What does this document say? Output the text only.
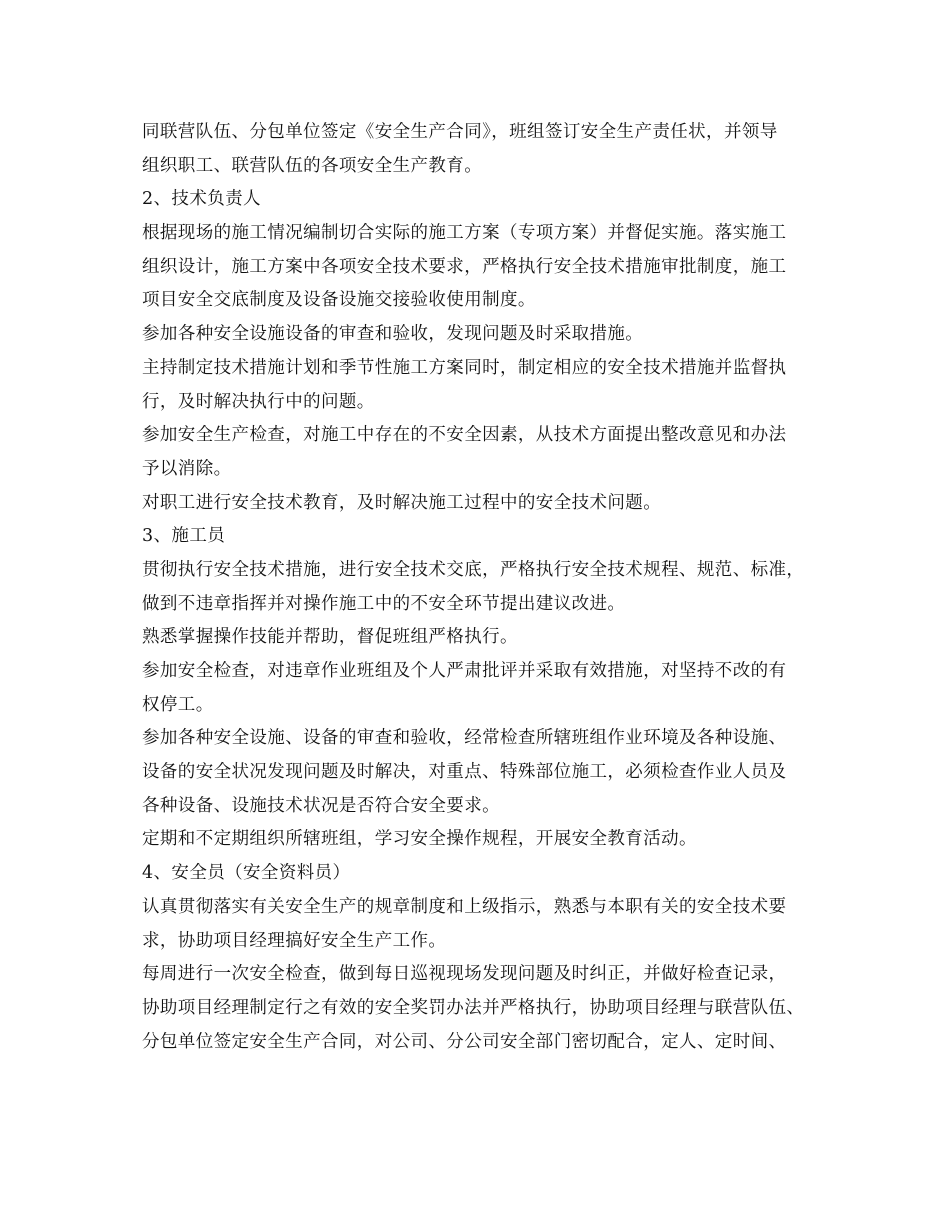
同联营队伍、分包单位签定《安全生产合同》，班组签订安全生产责任状，并领导
组织职工、联营队伍的各项安全生产教育。
2、技术负责人
根据现场的施工情况编制切合实际的施工方案（专项方案）并督促实施。落实施工
组织设计，施工方案中各项安全技术要求，严格执行安全技术措施审批制度，施工
项目安全交底制度及设备设施交接验收使用制度。
参加各种安全设施设备的审查和验收，发现问题及时采取措施。
主持制定技术措施计划和季节性施工方案同时，制定相应的安全技术措施并监督执
行，及时解决执行中的问题。
参加安全生产检查，对施工中存在的不安全因素，从技术方面提出整改意见和办法
予以消除。
对职工进行安全技术教育，及时解决施工过程中的安全技术问题。
3、施工员
贯彻执行安全技术措施，进行安全技术交底，严格执行安全技术规程、规范、标准，
做到不违章指挥并对操作施工中的不安全环节提出建议改进。
熟悉掌握操作技能并帮助，督促班组严格执行。
参加安全检查，对违章作业班组及个人严肃批评并采取有效措施，对坚持不改的有
权停工。
参加各种安全设施、设备的审查和验收，经常检查所辖班组作业环境及各种设施、
设备的安全状况发现问题及时解决，对重点、特殊部位施工，必须检查作业人员及
各种设备、设施技术状况是否符合安全要求。
定期和不定期组织所辖班组，学习安全操作规程，开展安全教育活动。
4、安全员（安全资料员）
认真贯彻落实有关安全生产的规章制度和上级指示，熟悉与本职有关的安全技术要
求，协助项目经理搞好安全生产工作。
每周进行一次安全检查，做到每日巡视现场发现问题及时纠正，并做好检查记录，
协助项目经理制定行之有效的安全奖罚办法并严格执行，协助项目经理与联营队伍、
分包单位签定安全生产合同，对公司、分公司安全部门密切配合，定人、定时间、
